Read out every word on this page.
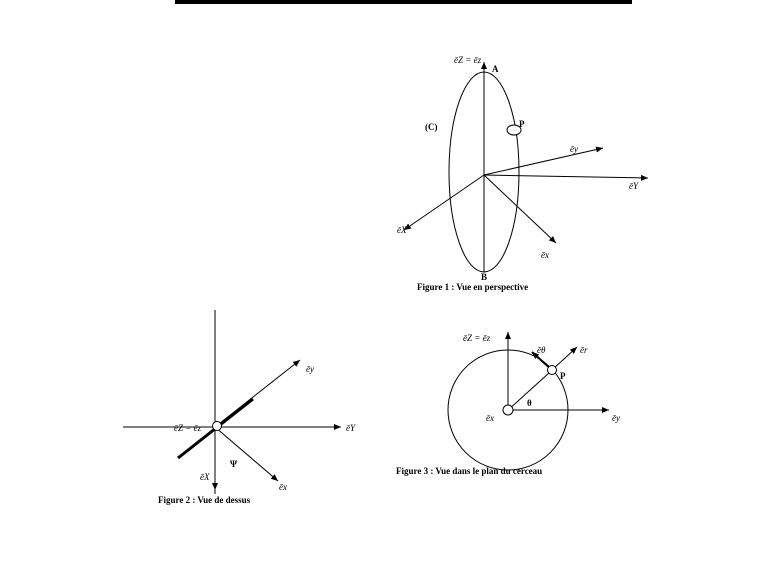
ēZ = ēz
A
(C)	P
ēy
ēY
ēX
ēx
B
Figure 1 : Vue en perspective
ēy
ēY
ēZ = ēz
Ψ
ēX
ēx
Figure 2 : Vue de dessus
ēZ = ēz
ēθ	ēr
P
θ
ēx	ēy
Figure 3 : Vue dans le plan du cerceau
